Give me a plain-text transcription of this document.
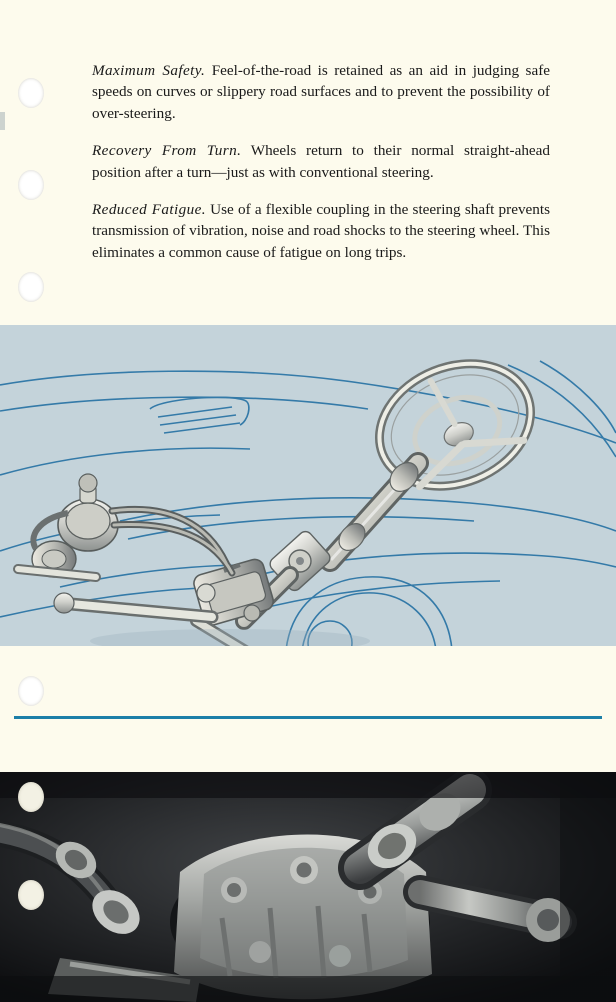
Maximum Safety. Feel-of-the-road is retained as an aid in judging safe speeds on curves or slippery road surfaces and to prevent the possibility of over-steering.

Recovery From Turn. Wheels return to their normal straight-ahead position after a turn—just as with conventional steering.

Reduced Fatigue. Use of a flexible coupling in the steering shaft prevents transmission of vibration, noise and road shocks to the steering wheel. This eliminates a common cause of fatigue on long trips.
